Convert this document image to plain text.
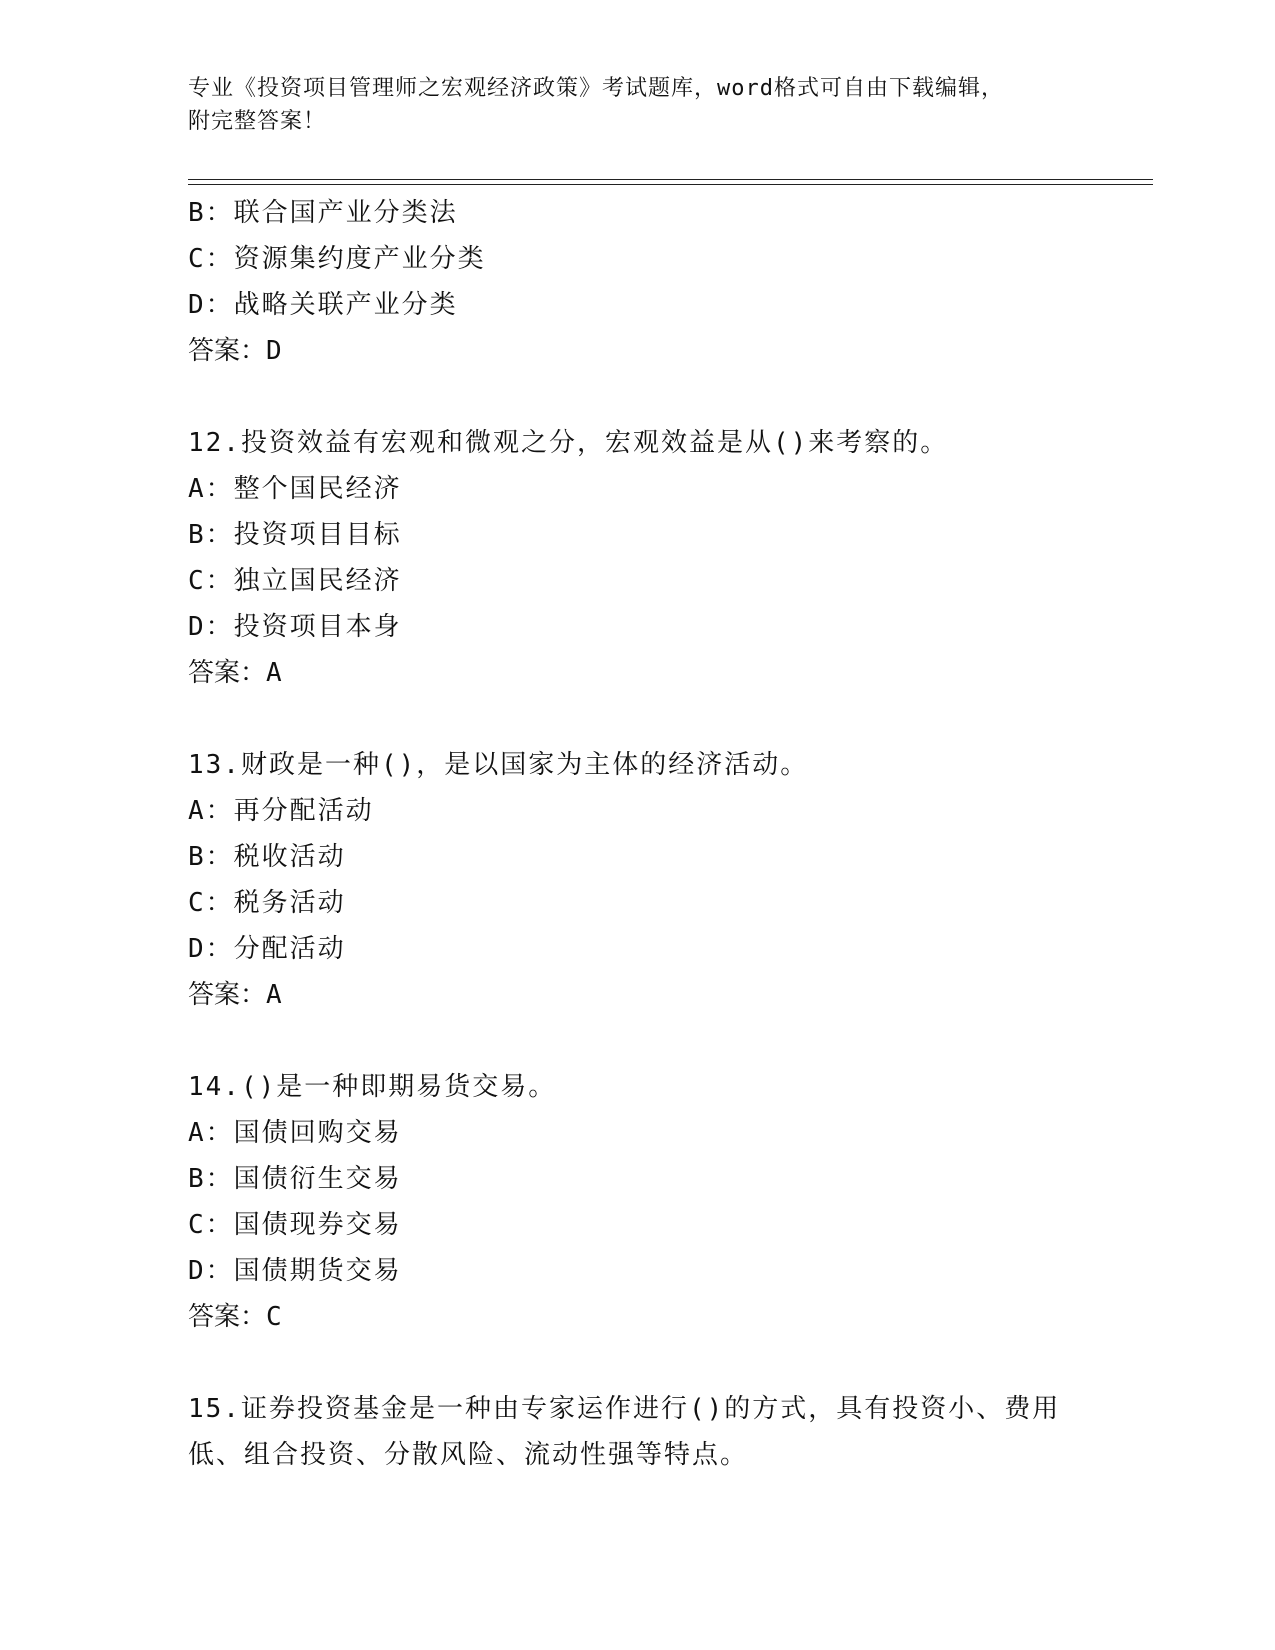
专业《投资项目管理师之宏观经济政策》考试题库，word格式可自由下载编辑，
附完整答案！
B：联合国产业分类法
C：资源集约度产业分类
D：战略关联产业分类
答案：D
12.投资效益有宏观和微观之分，宏观效益是从()来考察的。
A：整个国民经济
B：投资项目目标
C：独立国民经济
D：投资项目本身
答案：A
13.财政是一种()，是以国家为主体的经济活动。
A：再分配活动
B：税收活动
C：税务活动
D：分配活动
答案：A
14.()是一种即期易货交易。
A：国债回购交易
B：国债衍生交易
C：国债现券交易
D：国债期货交易
答案：C
15.证券投资基金是一种由专家运作进行()的方式，具有投资小、费用
低、组合投资、分散风险、流动性强等特点。
